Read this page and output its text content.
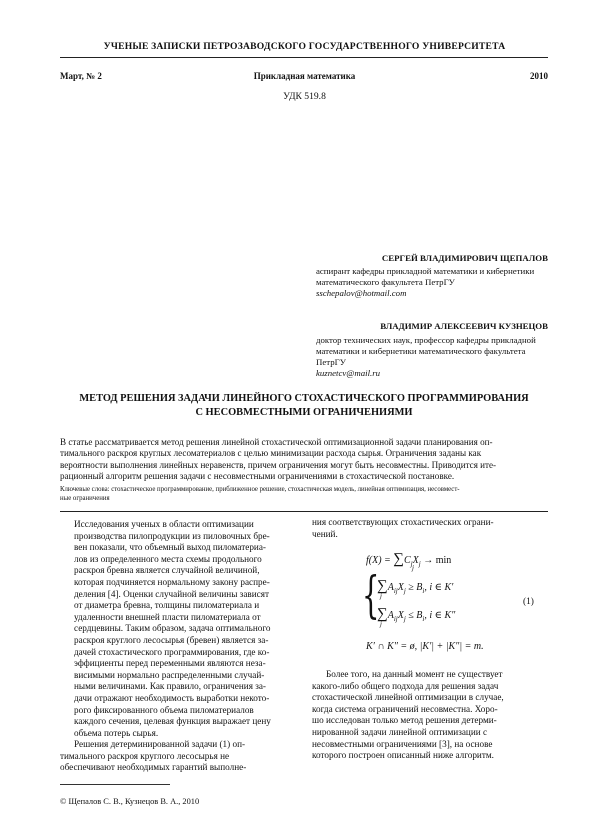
УЧЕНЫЕ ЗАПИСКИ ПЕТРОЗАВОДСКОГО ГОСУДАРСТВЕННОГО УНИВЕРСИТЕТА
Март, № 2	Прикладная математика	2010
УДК 519.8
СЕРГЕЙ ВЛАДИМИРОВИЧ ЩЕПАЛОВ
аспирант кафедры прикладной математики и кибернетики
математического факультета ПетрГУ
sschepalov@hotmail.com
ВЛАДИМИР АЛЕКСЕЕВИЧ КУЗНЕЦОВ
доктор технических наук, профессор кафедры прикладной
математики и кибернетики математического факультета
ПетрГУ
kuznetcv@mail.ru
МЕТОД РЕШЕНИЯ ЗАДАЧИ ЛИНЕЙНОГО СТОХАСТИЧЕСКОГО ПРОГРАММИРОВАНИЯ
С НЕСОВМЕСТНЫМИ ОГРАНИЧЕНИЯМИ
В статье рассматривается метод решения линейной стохастической оптимизационной задачи планирования оп-
тимального раскроя круглых лесоматериалов с целью минимизации расхода сырья. Ограничения заданы как
вероятности выполнения линейных неравенств, причем ограничения могут быть несовместны. Приводится ите-
рационный алгоритм решения задачи с несовместными ограничениями в стохастической постановке.
Ключевые слова: стохастическое программирование, приближенное решение, стохастическая модель, линейная оптимизация, несовмест-
ные ограничения
Исследования ученых в области оптимизации
производства пилопродукции из пиловочных бре-
вен показали, что объемный выход пиломатериа-
лов из определенного места схемы продольного
раскроя бревна является случайной величиной,
которая подчиняется нормальному закону распре-
деления [4]. Оценки случайной величины зависят
от диаметра бревна, толщины пиломатериала и
удаленности внешней пласти пиломатериала от
сердцевины. Таким образом, задача оптимального
раскроя круглого лесосырья (бревен) является за-
дачей стохастического программирования, где ко-
эффициенты перед переменными являются неза-
висимыми нормально распределенными случай-
ными величинами. Как правило, ограничения за-
дачи отражают необходимость выработки некото-
рого фиксированного объема пиломатериалов
каждого сечения, целевая функция выражает цену
объема потерь сырья.
Решения детерминированной задачи (1) оп-
тимального раскроя круглого лесосырья не
обеспечивают необходимых гарантий выполне-
ния соответствующих стохастических ограни-
чений.
$f(X) = \sum C_jX_j \to \min$
j
{
$\sum A_{ij}X_j \ge B_i$, i ∈ K′
j
$\sum A_{ij}X_j \le B_i$, i ∈ K″
j
(1)
K′ ∩ K″ = ø, |K′| + |K″| = m.
Более того, на данный момент не существует
какого-либо общего подхода для решения задач
стохастической линейной оптимизации в случае,
когда система ограничений несовместна. Хоро-
шо исследован только метод решения детерми-
нированной задачи линейной оптимизации с
несовместными ограничениями [3], на основе
которого построен описанный ниже алгоритм.
© Щепалов С. В., Кузнецов В. А., 2010
